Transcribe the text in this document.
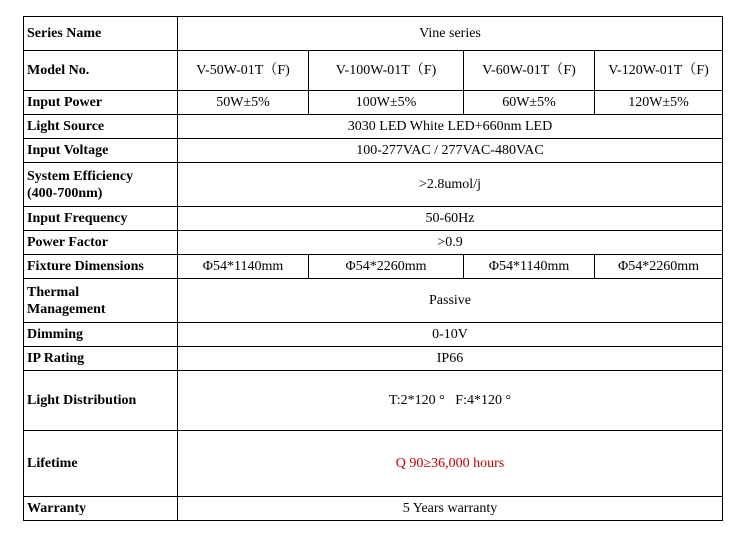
Series Name	Vine series			
Model No.	V-50W-01T（F)	V-100W-01T（F)	V-60W-01T（F)	V-120W-01T（F)
Input Power	50W±5%	100W±5%	60W±5%	120W±5%
Light Source	3030 LED White LED+660nm LED			
Input Voltage	100-277VAC / 277VAC-480VAC			

System Efficiency
(400-700nm)	>2.8umol/j			
Input Frequency	50-60Hz			
Power Factor	>0.9			
Fixture Dimensions	Φ54*1140mm	Φ54*2260mm	Φ54*1140mm	Φ54*2260mm

Thermal
Management	Passive			
Dimming	0-10V			
IP Rating	IP66			
Light Distribution	T:2*120 °   F:4*120 °			
Lifetime	Q 90≥36,000 hours			
Warranty	5 Years warranty			
